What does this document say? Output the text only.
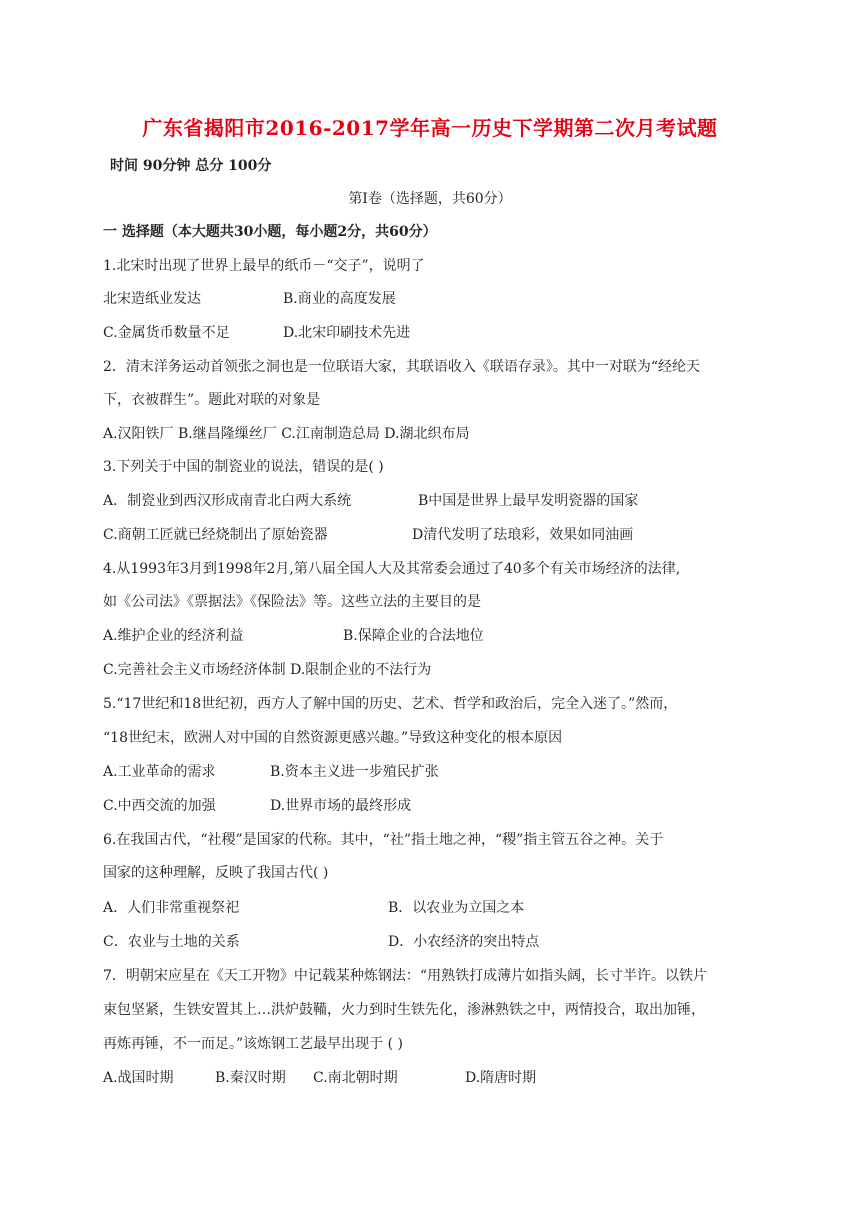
广东省揭阳市2016-2017学年高一历史下学期第二次月考试题
时间 90分钟 总分 100分
第Ⅰ卷（选择题，共60分）
一 选择题（本大题共30小题，每小题2分，共60分）
1.北宋时出现了世界上最早的纸币－“交子”，说明了
北宋造纸业发达	B.商业的高度发展
C.金属货币数量不足	D.北宋印刷技术先进
2．清末洋务运动首领张之洞也是一位联语大家，其联语收入《联语存录》。其中一对联为“经纶天
下，衣被群生”。题此对联的对象是
A.汉阳铁厂 B.继昌隆缫丝厂 C.江南制造总局 D.湖北织布局
3.下列关于中国的制瓷业的说法，错误的是( )
A．制瓷业到西汉形成南青北白两大系统	B中国是世界上最早发明瓷器的国家
C.商朝工匠就已经烧制出了原始瓷器	D清代发明了珐琅彩，效果如同油画
4.从1993年3月到1998年2月,第八届全国人大及其常委会通过了40多个有关市场经济的法律,
如《公司法》《票据法》《保险法》等。这些立法的主要目的是
A.维护企业的经济利益	B.保障企业的合法地位
C.完善社会主义市场经济体制 D.限制企业的不法行为
5.“17世纪和18世纪初，西方人了解中国的历史、艺术、哲学和政治后，完全入迷了。”然而，
“18世纪末，欧洲人对中国的自然资源更感兴趣。”导致这种变化的根本原因
A.工业革命的需求	B.资本主义进一步殖民扩张
C.中西交流的加强	D.世界市场的最终形成
6.在我国古代，“社稷”是国家的代称。其中，“社”指土地之神，“稷”指主管五谷之神。关于
国家的这种理解，反映了我国古代( )
A．人们非常重视祭祀	B．以农业为立国之本
C．农业与土地的关系	D．小农经济的突出特点
7．明朝宋应星在《天工开物》中记载某种炼钢法：“用熟铁打成薄片如指头阔，长寸半许。以铁片
束包坚紧，生铁安置其上…洪炉鼓鞴，火力到时生铁先化，渗淋熟铁之中，两情投合，取出加锤，
再炼再锤，不一而足。”该炼钢工艺最早出现于 ( )
A.战国时期	B.秦汉时期 C.南北朝时期	D.隋唐时期
